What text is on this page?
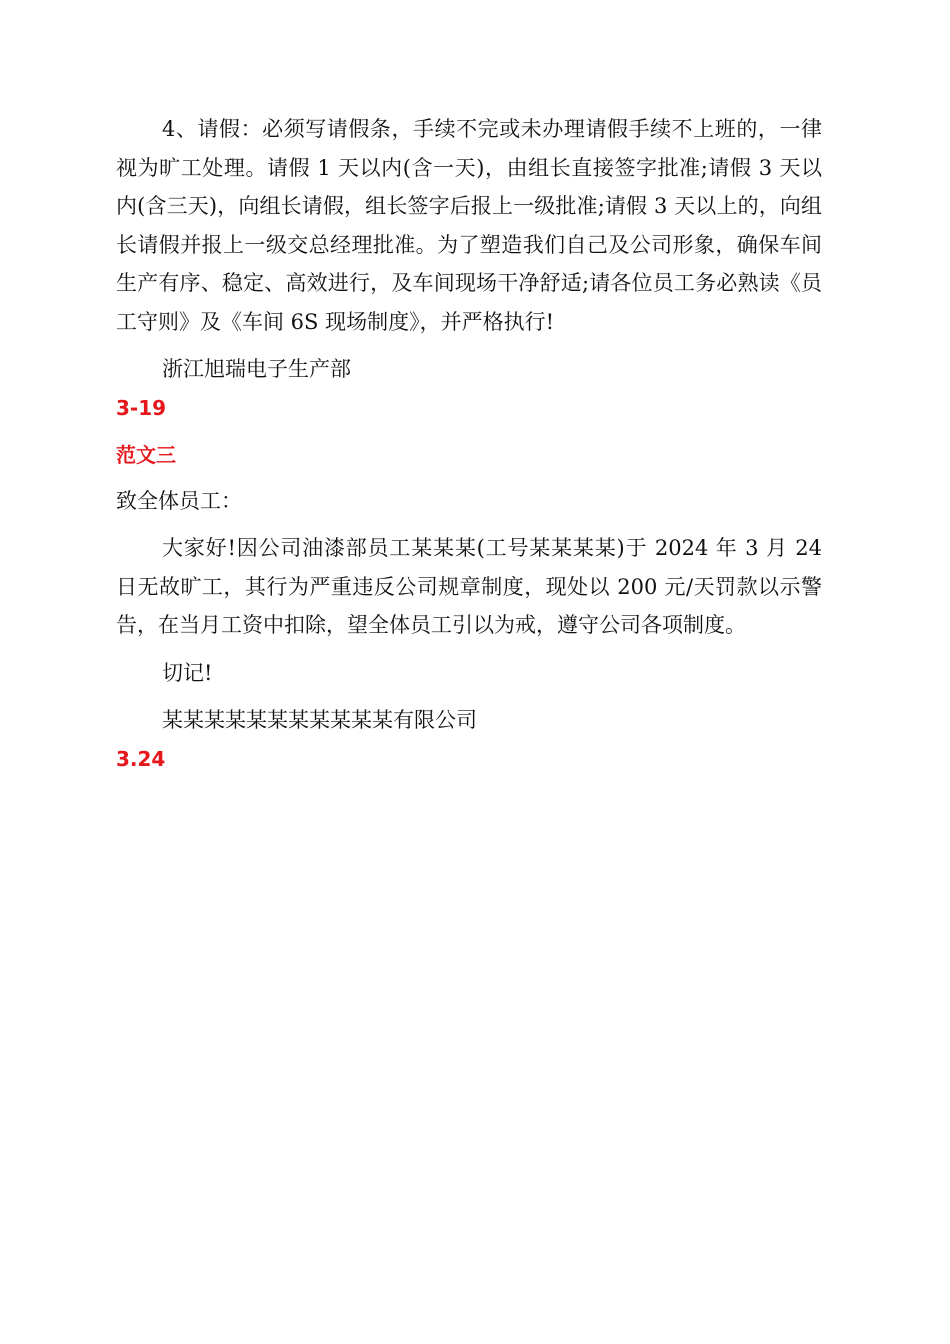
4、请假：必须写请假条，手续不完或未办理请假手续不上班的，一律视为旷工处理。请假 1 天以内(含一天)，由组长直接签字批准;请假 3 天以内(含三天)，向组长请假，组长签字后报上一级批准;请假 3 天以上的，向组长请假并报上一级交总经理批准。为了塑造我们自己及公司形象，确保车间生产有序、稳定、高效进行，及车间现场干净舒适;请各位员工务必熟读《员工守则》及《车间 6S 现场制度》，并严格执行!

浙江旭瑞电子生产部

3-19

范文三

致全体员工：

大家好!因公司油漆部员工某某某(工号某某某某)于 2024 年 3 月 24 日无故旷工，其行为严重违反公司规章制度，现处以 200 元/天罚款以示警告，在当月工资中扣除，望全体员工引以为戒，遵守公司各项制度。

切记!

某某某某某某某某某某某有限公司

3.24
